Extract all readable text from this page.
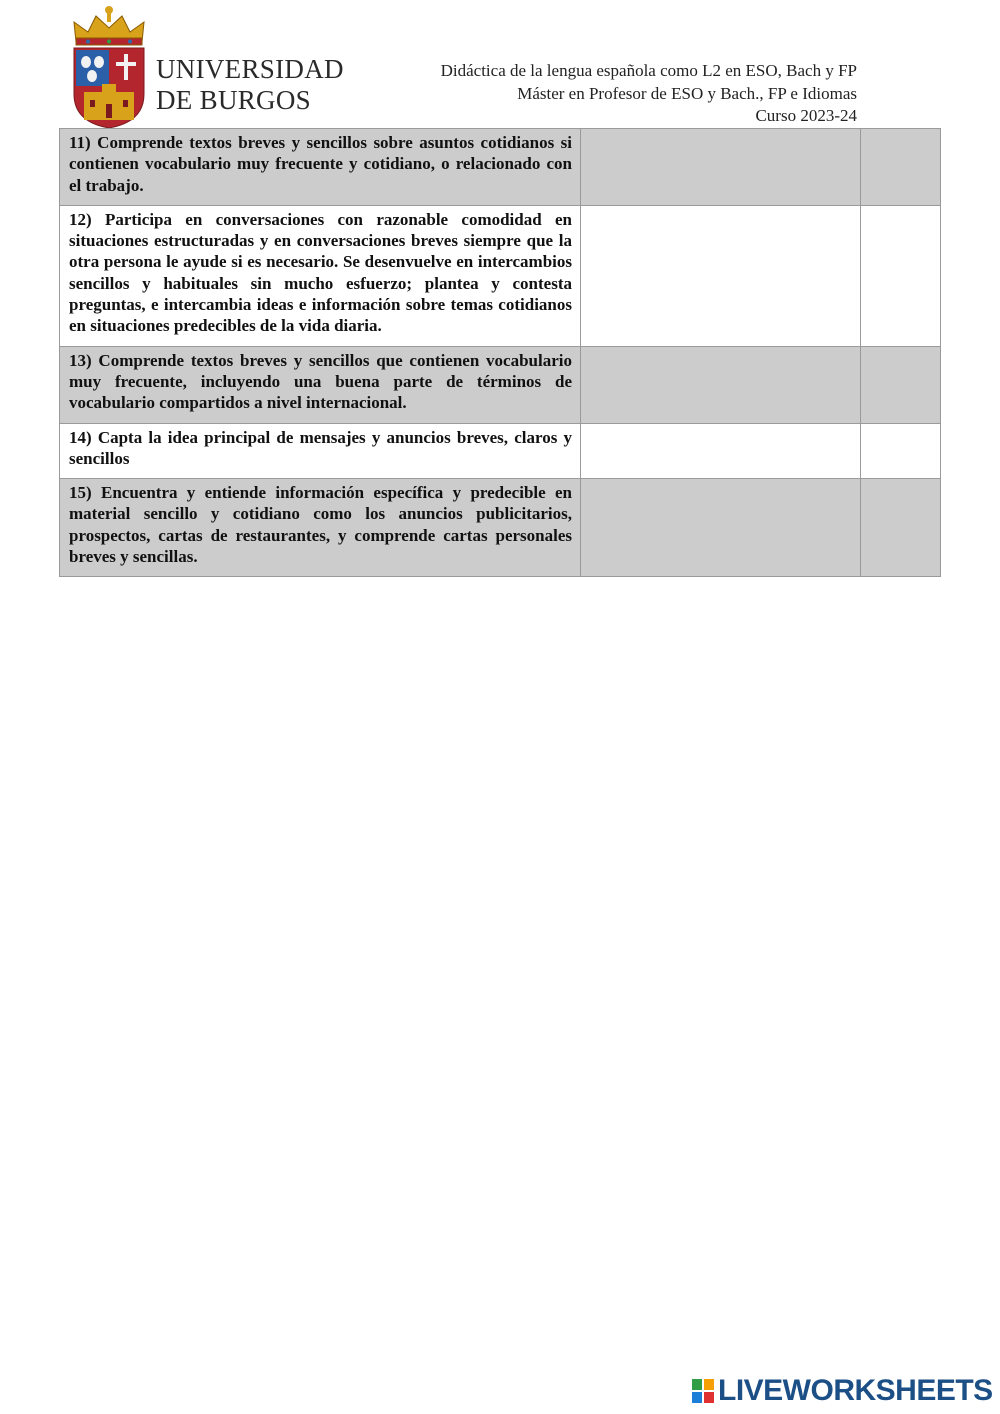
UNIVERSIDAD
DE BURGOS
Didáctica de la lengua española como L2 en ESO, Bach y FP
Máster en Profesor de ESO y Bach., FP e Idiomas
Curso 2023-24
11) Comprende textos breves y sencillos sobre asuntos cotidianos si contienen vocabulario muy frecuente y cotidiano, o relacionado con el trabajo.		
12) Participa en conversaciones con razonable comodidad en situaciones estructuradas y en conversaciones breves siempre que la otra persona le ayude si es necesario. Se desenvuelve en intercambios sencillos y habituales sin mucho esfuerzo; plantea y contesta preguntas, e intercambia ideas e información sobre temas cotidianos en situaciones predecibles de la vida diaria.		
13) Comprende textos breves y sencillos que contienen vocabulario muy frecuente, incluyendo una buena parte de términos de vocabulario compartidos a nivel internacional.		
14) Capta la idea principal de mensajes y anuncios breves, claros y sencillos		
15) Encuentra y entiende información específica y predecible en material sencillo y cotidiano como los anuncios publicitarios, prospectos, cartas de restaurantes, y comprende cartas personales breves y sencillas.		
LIVEWORKSHEETS
